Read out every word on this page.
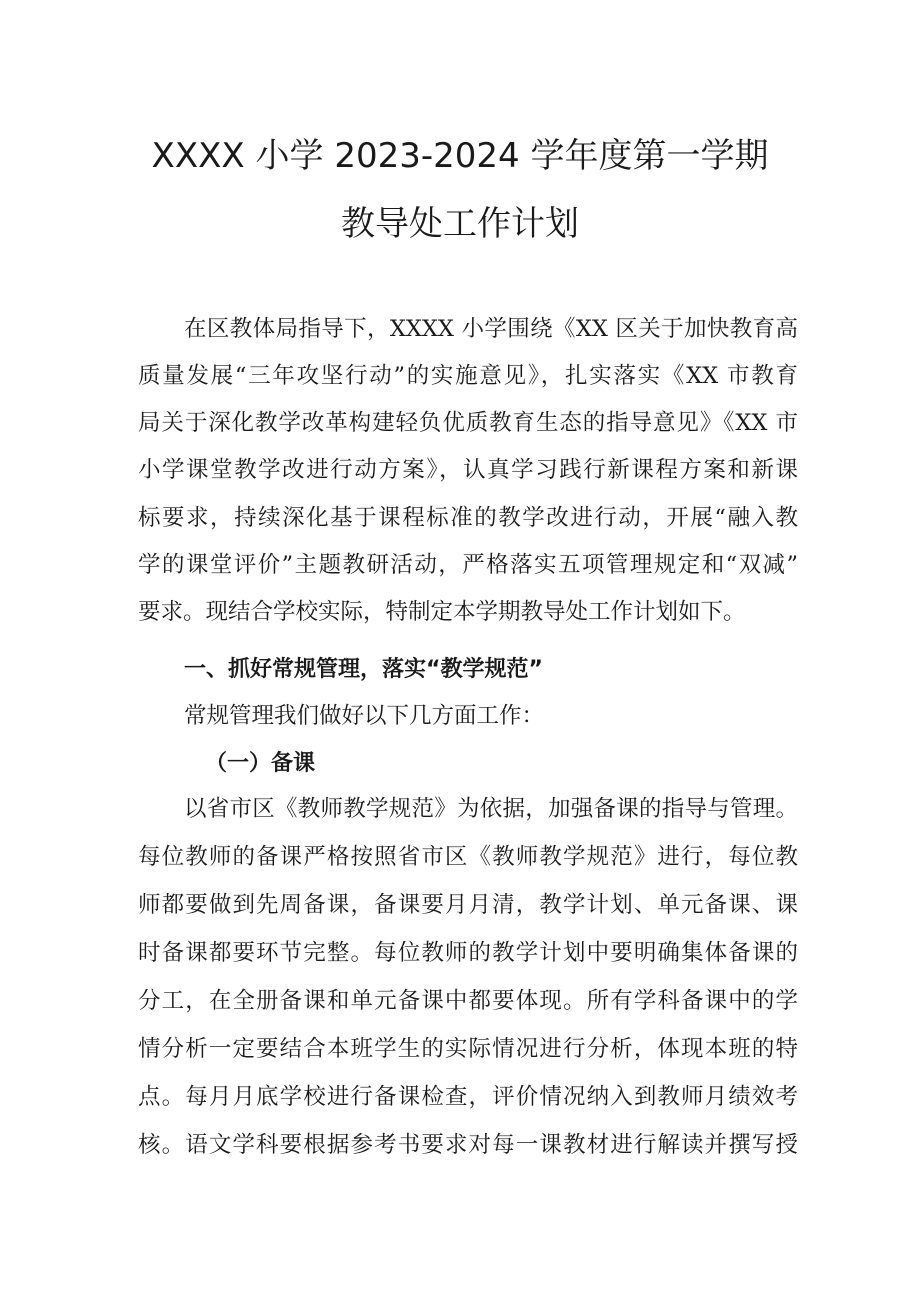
XXXX 小学 2023-2024 学年度第一学期
教导处工作计划

在区教体局指导下，XXXX 小学围绕《XX 区关于加快教育高

质量发展“三年攻坚行动”的实施意见》，扎实落实《XX 市教育

局关于深化教学改革构建轻负优质教育生态的指导意见》《XX 市

小学课堂教学改进行动方案》，认真学习践行新课程方案和新课

标要求，持续深化基于课程标准的教学改进行动，开展“融入教

学的课堂评价”主题教研活动，严格落实五项管理规定和“双减”

要求。现结合学校实际，特制定本学期教导处工作计划如下。

一、抓好常规管理，落实“教学规范”

常规管理我们做好以下几方面工作：

（一）备课

以省市区《教师教学规范》为依据，加强备课的指导与管理。

每位教师的备课严格按照省市区《教师教学规范》进行，每位教

师都要做到先周备课，备课要月月清，教学计划、单元备课、课

时备课都要环节完整。每位教师的教学计划中要明确集体备课的

分工，在全册备课和单元备课中都要体现。所有学科备课中的学

情分析一定要结合本班学生的实际情况进行分析，体现本班的特

点。每月月底学校进行备课检查，评价情况纳入到教师月绩效考

核。语文学科要根据参考书要求对每一课教材进行解读并撰写授
